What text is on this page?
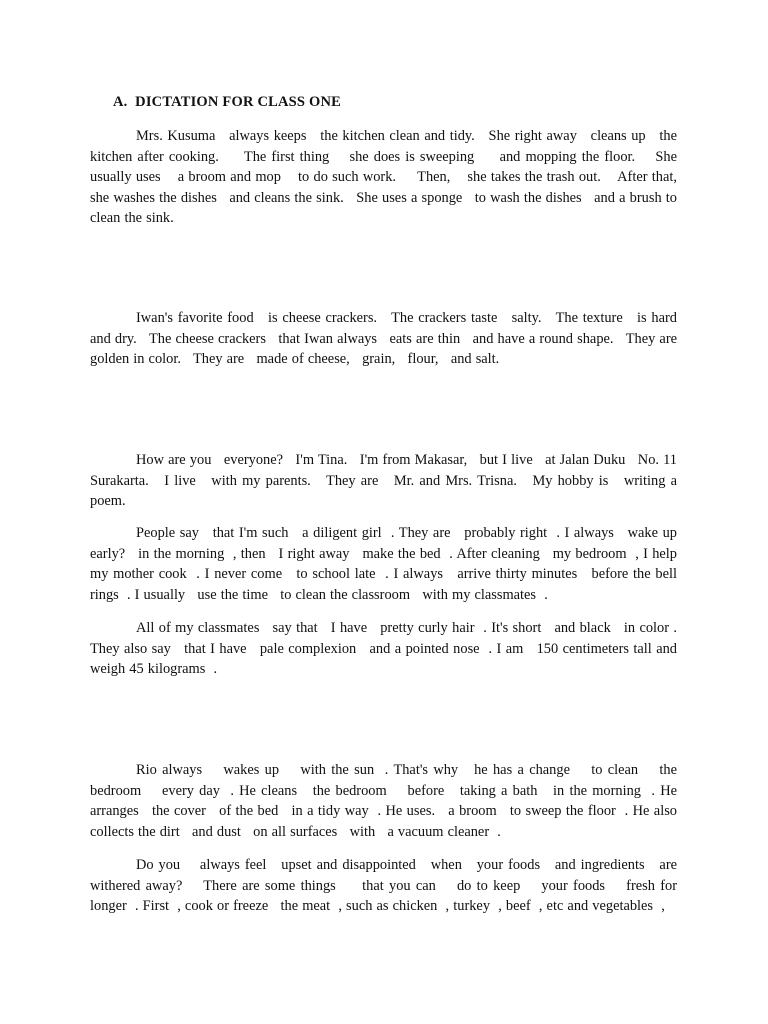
A.  DICTATION FOR CLASS ONE

Mrs. Kusuma   always keeps   the kitchen clean and tidy.   She right away   cleans up   the kitchen after cooking.     The first thing    she does is sweeping     and mopping the floor.    She usually uses    a broom and mop    to do such work.     Then,    she takes the trash out.    After that, she washes the dishes   and cleans the sink.   She uses a sponge   to wash the dishes   and a brush to clean the sink.

Iwan's favorite food   is cheese crackers.   The crackers taste   salty.   The texture   is hard and dry.   The cheese crackers   that Iwan always   eats are thin   and have a round shape.   They are   golden in color.   They are   made of cheese,   grain,   flour,   and salt.

How are you   everyone?   I'm Tina.   I'm from Makasar,   but I live   at Jalan Duku   No. 11 Surakarta.   I live   with my parents.   They are   Mr. and Mrs. Trisna.   My hobby is   writing a poem.

People say   that I'm such   a diligent girl  . They are   probably right  . I always   wake up early?   in the morning  , then   I right away   make the bed  . After cleaning   my bedroom  , I help   my mother cook  . I never come   to school late  . I always   arrive thirty minutes   before the bell rings  . I usually   use the time   to clean the classroom   with my classmates  .

All of my classmates   say that   I have   pretty curly hair  . It's short   and black   in color . They also say   that I have   pale complexion   and a pointed nose  . I am   150 centimeters tall and weigh 45 kilograms  .

Rio always    wakes up    with the sun  . That's why   he has a change    to clean    the bedroom    every day  . He cleans   the bedroom    before   taking a bath   in the morning  . He arranges   the cover   of the bed   in a tidy way  . He uses.   a broom   to sweep the floor  . He also collects the dirt   and dust   on all surfaces   with   a vacuum cleaner  .

Do you    always feel   upset and disappointed   when   your foods   and ingredients   are withered away?    There are some things     that you can    do to keep    your foods    fresh for longer  . First  , cook or freeze   the meat  , such as chicken  , turkey  , beef  , etc and vegetables  ,
